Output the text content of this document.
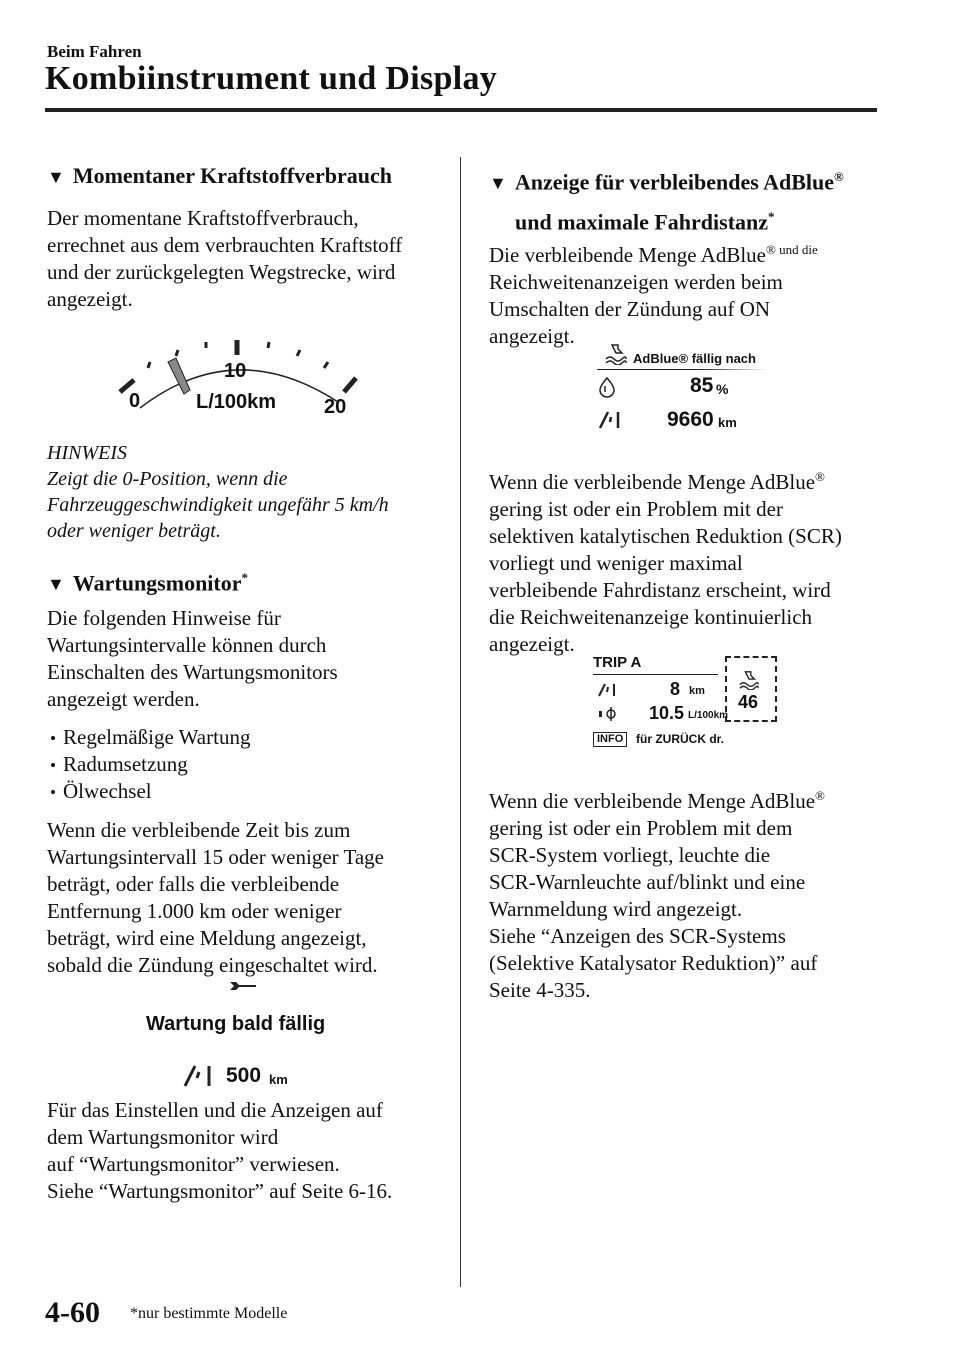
Beim Fahren
Kombiinstrument und Display
▼ Momentaner Kraftstoffverbrauch
Der momentane Kraftstoffverbrauch,
errechnet aus dem verbrauchten Kraftstoff
und der zurückgelegten Wegstrecke, wird
angezeigt.
0
10
20
L/100km
HINWEIS
Zeigt die 0-Position, wenn die
Fahrzeuggeschwindigkeit ungefähr 5 km/h
oder weniger beträgt.
▼ Wartungsmonitor*
Die folgenden Hinweise für
Wartungsintervalle können durch
Einschalten des Wartungsmonitors
angezeigt werden.
Regelmäßige Wartung
Radumsetzung
Ölwechsel
Wenn die verbleibende Zeit bis zum
Wartungsintervall 15 oder weniger Tage
beträgt, oder falls die verbleibende
Entfernung 1.000 km oder weniger
beträgt, wird eine Meldung angezeigt,
sobald die Zündung eingeschaltet wird.
Wartung bald fällig
500 km
Für das Einstellen und die Anzeigen auf
dem Wartungsmonitor wird
auf “Wartungsmonitor” verwiesen.
Siehe “Wartungsmonitor” auf Seite 6-16.
▼ Anzeige für verbleibendes AdBlue®
und maximale Fahrdistanz*
Die verbleibende Menge AdBlue$^{® und die}$
Reichweitenanzeigen werden beim
Umschalten der Zündung auf ON
angezeigt.
AdBlue® fällig nach
85 %
9660 km
Wenn die verbleibende Menge AdBlue®
gering ist oder ein Problem mit der
selektiven katalytischen Reduktion (SCR)
vorliegt und weniger maximal
verbleibende Fahrdistanz erscheint, wird
die Reichweitenanzeige kontinuierlich
angezeigt.
TRIP A
8 km
10.5 L/100km
46
INFO	für ZURÜCK dr.
Wenn die verbleibende Menge AdBlue®
gering ist oder ein Problem mit dem
SCR-System vorliegt, leuchte die
SCR-Warnleuchte auf/blinkt und eine
Warnmeldung wird angezeigt.
Siehe “Anzeigen des SCR-Systems
(Selektive Katalysator Reduktion)” auf
Seite 4-335.
4-60 *nur bestimmte Modelle
